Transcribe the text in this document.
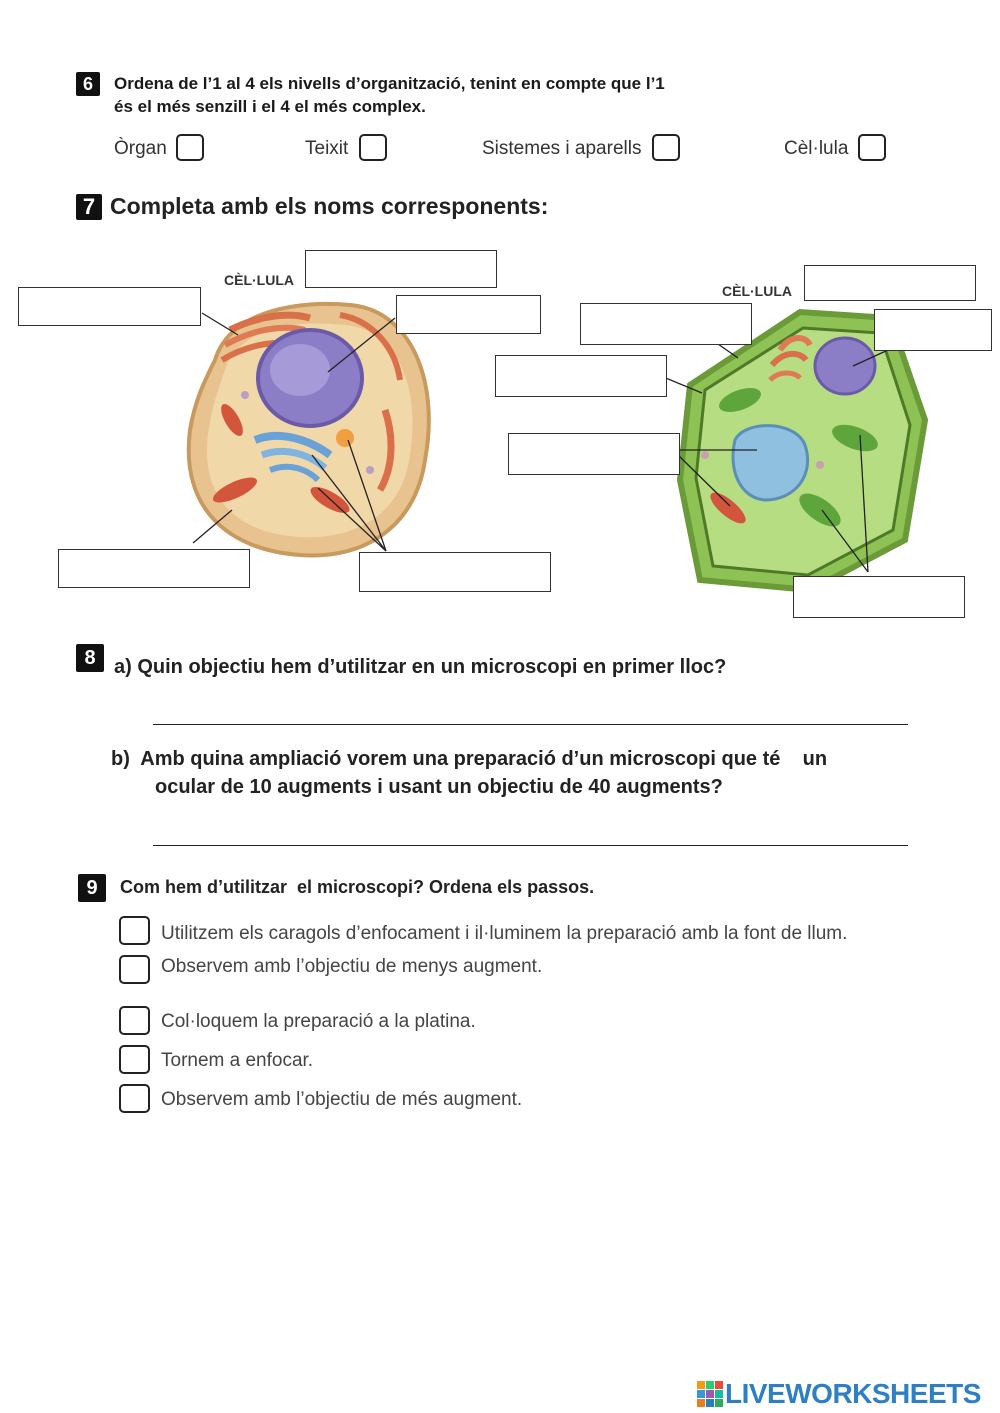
6	Ordena de l’1 al 4 els nivells d’organització, tenint en compte que l’1
és el més senzill i el 4 el més complex.
Òrgan	Teixit	Sistemes i aparells	Cèl·lula
7 Completa amb els noms corresponents:
CÈL·LULA
CÈL·LULA
8 a) Quin objectiu hem d’utilitzar en un microscopi en primer lloc?
b)  Amb quina ampliació vorem una preparació d’un microscopi que té    un
ocular de 10 augments i usant un objectiu de 40 augments?
9	Com hem d’utilitzar  el microscopi? Ordena els passos.
Utilitzem els caragols d’enfocament i il·luminem la preparació amb la font de llum.
Observem amb l’objectiu de menys augment.
Col·loquem la preparació a la platina.
Tornem a enfocar.
Observem amb l’objectiu de més augment.
LIVEWORKSHEETS
